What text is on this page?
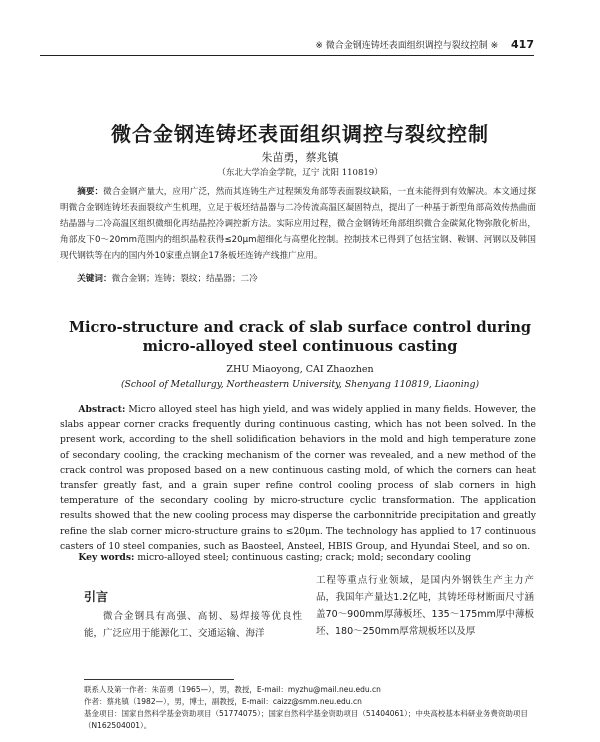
※ 微合金钢连铸坯表面组织调控与裂纹控制 ※ 417
微合金钢连铸坯表面组织调控与裂纹控制
朱苗勇，蔡兆镇
（东北大学冶金学院，辽宁 沈阳 110819）
摘要：微合金钢产量大，应用广泛，然而其连铸生产过程频发角部等表面裂纹缺陷，一直未能得到有效解决。本文通过探明微合金钢连铸坯表面裂纹产生机理，立足于板坯结晶器与二冷传流高温区凝固特点，提出了一种基于新型角部高效传热曲面结晶器与二冷高温区组织微细化再结晶控冷调控新方法。实际应用过程，微合金钢铸坯角部组织微合金碳氮化物弥散化析出，角部皮下0～20mm范围内的组织晶粒获得≤20μm超细化与高塑化控制。控制技术已得到了包括宝钢、鞍钢、河钢以及韩国现代钢铁等在内的国内外10家重点钢企17条板坯连铸产线推广应用。
关键词：微合金钢；连铸；裂纹；结晶器；二冷
Micro-structure and crack of slab surface control during
micro-alloyed steel continuous casting
ZHU Miaoyong, CAI Zhaozhen
(School of Metallurgy, Northeastern University, Shenyang 110819, Liaoning)
Abstract: Micro alloyed steel has high yield, and was widely applied in many fields. However, the slabs appear corner cracks frequently during continuous casting, which has not been solved. In the present work, according to the shell solidification behaviors in the mold and high temperature zone of secondary cooling, the cracking mechanism of the corner was revealed, and a new method of the crack control was proposed based on a new continuous casting mold, of which the corners can heat transfer greatly fast, and a grain super refine control cooling process of slab corners in high temperature of the secondary cooling by micro-structure cyclic transformation. The application results showed that the new cooling process may disperse the carbonnitride precipitation and greatly refine the slab corner micro-structure grains to ≤20μm. The technology has applied to 17 continuous casters of 10 steel companies, such as Baosteel, Ansteel, HBIS Group, and Hyundai Steel, and so on.
Key words: micro-alloyed steel; continuous casting; crack; mold; secondary cooling
引言
微合金钢具有高强、高韧、易焊接等优良性能，广泛应用于能源化工、交通运输、海洋
工程等重点行业领域，是国内外钢铁生产主力产品，我国年产量达1.2亿吨，其铸坯母材断面尺寸涵盖70～900mm厚薄板坯、135～175mm厚中薄板坯、180～250mm厚常规板坯以及厚
联系人及第一作者：朱苗勇（1965—），男，教授，E-mail：myzhu@mail.neu.edu.cn
作者：蔡兆镇（1982—），男，博士，副教授，E-mail：caizz@smm.neu.edu.cn
基金项目：国家自然科学基金资助项目（51774075）；国家自然科学基金资助项目（51404061）；中央高校基本科研业务费资助项目（N162504001）。
